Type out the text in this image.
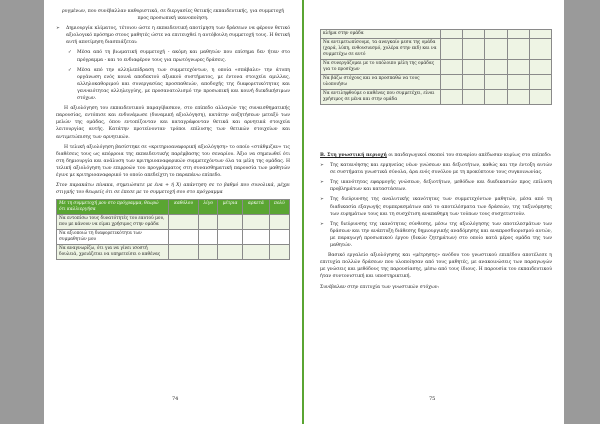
ρυγμένων, που συνέβαλλαν καθοριστικά, σε διεργασίες θετικής εκπαιδευτικής, για συμμετοχή προς προσωπική ικανοποίηση.

➢ Δημιουργία κλίματος, τέτοιου ώστε η εκπαιδευτική αποτίμηση των δράσεων να φέρουν θετικό αξιολογικό πρόσημο στους μαθητές ώστε να επιτευχθεί η αυτόβουλη συμμετοχή τους. Η θετική αυτή αποτίμηση διασπιάζεται:
✓ Μέσα από τη βιωματική συμμετοχή - ακόμη και μαθητών που επίσημα δεν ήταν στο πρόγραμμα - και το ενδιαφέρον τους για πρωτόγνωρες δράσεις.
✓ Μέσα από την αλληλεπίδραση των συμμετεχόντων, η οποία «σπάβαλε» την άτυπη οργάνωση ενός κοινά αποδεκτού αξιακού συστήματος, με έντονα στοιχεία αμιλλας, αλληλοκαθοριμού και συνεργασίας προσπαθειών, αποδοχής της διαφορετικότητας και γενναιότητας αλληλεγγύης, με προσανατολισμό την προσωπική και κοινή διεκδικήσιμων στόχων.

Η αξιολόγηση του εκπαιδευτικού παραγίβασκον, στο επίπεδο αλλαγών της συναισθηματικής παρουσίας, εντόπισε και ενδυνάμωσε (δυναμική αξιολόγηση), κατάτην αυξητήσεων μεταξύ των μελών της ομάδας, όπου εντοπίζονταν και καταγράφονταν θετικά και αρνητικά στοιχεία λειτουργίας αυτής. Κατάτην προτείνονταν τρόποι επίλυσης των θετικών στοιχείων και αντιμετώπισης των αρνητικών.

Η τελική αξιολόγηση βασίστηκε σε «κριτηριοαναφορική αξιολόγηση» το οποίο «στάθμιζαν» τις διαθέσεις τους ως απόρροια της εκπαιδευτικής παρέμβασης του σεναρίου. Άξιο να σημειωθεί ότι στη δημιουργία και ανάλυση των κριτηριοαναφορικών συμμετεχόντων όλα τα μέλη της ομάδας. Η τελική αξιολόγηση των επιρροών του προγράμματος στη συναισθηματική παρουσία των μαθητών έγινε με κριτηριοαναφορικό το οποίο απεδείχτη το παραπάνω επίπεδο.

Στον παρακάτω πίνακα, σημειώσατε με ένα + ή Χ) απάντηση σε το βαθμό που συνολικά, μέχρι στιγμής του θεωρείς ότι σε έπεσε με το συμμετοχή σου στο πρόγραμμα

Με τη συμμετοχή μου στο πρόγραμμα, θεωρώ ότι καλλιεργήσα	καθόλου	λίγο	μέτρια	αρκετά	πολύ
Να εντοπίσω τους δυνατότητές του εαυτού μου, που με κάνουν να είμαι χρήσιμος στην ομάδα					
Να αξιοποιώ τη διαφορετικότητα των συμμαθητών μου					
Να αναγνωρίζω, ότι για να γίνει ισοστή δουλειά, χρειάζεται να υπηρετείσει ο καθένας					
74
κλήμα στην ομάδα					
Να αντιμετωπίσουμε, τα αναγκαίο μεσα της ομάδα (χαρά, λύπη, ενθουσιασμό, χολέρα στην εκδ) και να συμμετέχω σε αυτό					
Να συνεργάζομαι με το υπόλοιπο μέλη της ομάδας για το προσέχων					
Να βάζω στόχους και να προσπαθώ να τους υλοποιήσω					
Να αντιληφθούμε ο καθένας που συμμετέχει, είναι χρήσιμος σε μένα και στην ομάδα					

Β. Στη γνωστική περιοχή οι παιδαγωγικοί σκοποί του σεναρίου απέδωσαν κυρίως στο επίπεδο:

➢ Της κατανόησης και ερμηνείας νέων γνώσεων και δεξιοτήτων, καθώς και την έντοξη αυτών σε συστήματα γνωστικά σύνολα, άρα ενός συνόλου με τη προκύπτουν τους συγκοινωνίας.
➢ Της ικανότητας εφαρμογής γνώσεων, δεξιοτήτων, μεθόδων και διαδικασιών προς επίλυση προβλημάτων και καταστάσεων.
➢ Της διεύρυνσης της αναλυτικής ικανότητας των συμμετεχόντων μαθητών, μέσα από τη διαδικασία εξαγωγής συμπερασμάτων από το αποτελέσματα των δράσεών, της ταξινόμησης των ευρημάτων τους και τη συσχέτιση αναπαθημη των τούπων τους συσχετιστούν.
➢ Της διεύρυνσης της ικανότητας σύνθεσης, μέσω της αξιολόγησης των αποτελεσμάτων των δράσεων και την ανάπτυξη διάθεσης δημιουργικής αναδόμησης και αναπροσδιορισμού αυτών, με παραγωγή προσωπικού έργου (δικών ζητημάτων) στο οποίο κατά μέρος ομάδα της των μαθητών.

Βασικό εργαλείο αξιολόγησης και «μέτρησης» ανόδου του γνωστικού επιπέδου αποτέλεσε η επιτυχία πολλών δράσεων που υλοποίησαν από τους μαθητές, με ανακοινώσεις των παραγωγών με γνώσεις και μεθόδους της παρουσίασης, μέσω από τους ίδιους. Η παρουσία του εκπαιδευτικού ήταν συντονιστική και υποστηρικτική.

Συνέβαλαν στην επιτυχία των γνωστικών στόχων:

75
